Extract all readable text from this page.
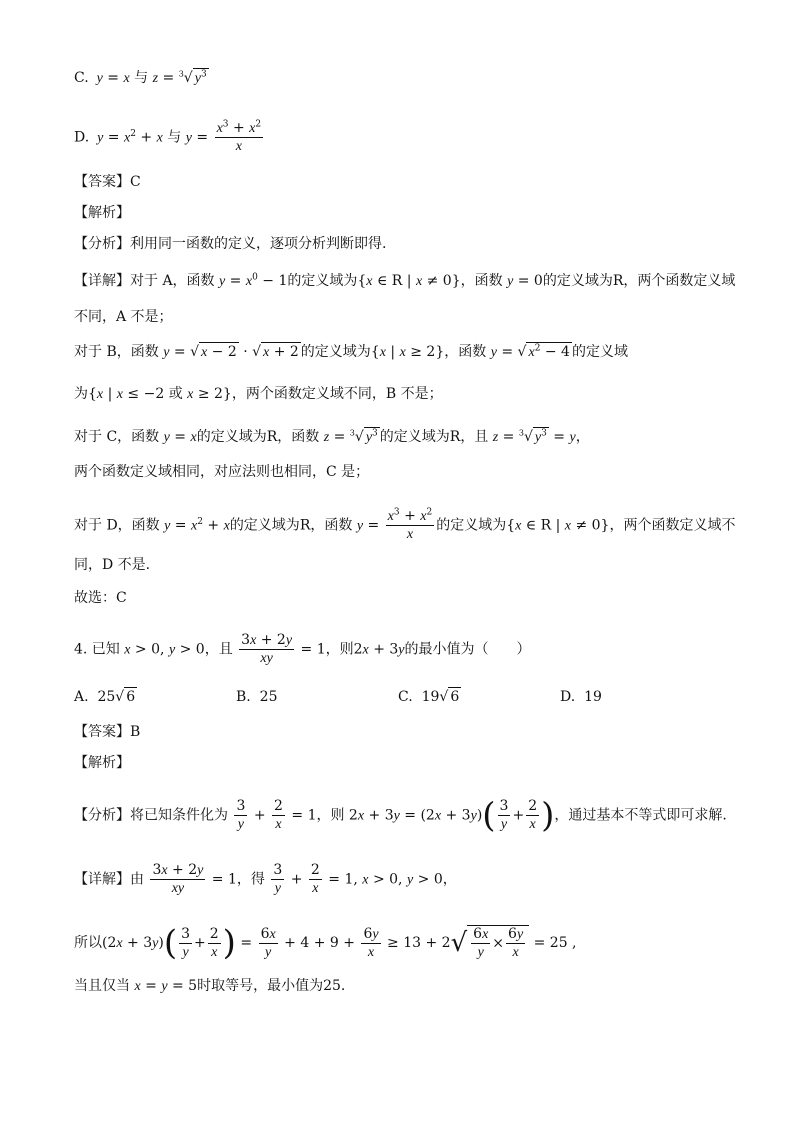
C.  y = x 与 z = $^3$√ $y^3$
D.  $y = x^2 + x$ 与 $y = \frac{x^3 + x^2}{x}$
【答案】C
【解析】
【分析】利用同一函数的定义，逐项分析判断即得.
【详解】对于 A，函数 $y = x^0 - 1$的定义域为{x ∈ R | x ≠ 0}，函数 y = 0的定义域为R，两个函数定义域
不同，A 不是；
对于 B，函数 y = √ x − 2 · √ x + 2 的定义域为{x | x ≥ 2}，函数 y = √ $x^2 - 4$ 的定义域
为{x | x ≤ −2 或 x ≥ 2}，两个函数定义域不同，B 不是；
对于 C，函数 y = x的定义域为R，函数 z = $^3$√ $y^3$ 的定义域为R，且 z = $^3$√ $y^3 = y$，
两个函数定义域相同，对应法则也相同，C 是；
对于 D，函数 $y = x^2 + x$的定义域为R，函数 $y = \frac{x^3 + x^2}{x}$ 的定义域为{x ∈ R | x ≠ 0}，两个函数定义域不
同，D 不是.
故选：C
4. 已知 x > 0, y > 0，且 $\frac{3x + 2y}{xy} = 1$，则2x + 3y的最小值为（　　）
A.  25√ 6	B. 25	C.  19√ 6	D. 19
【答案】B
【解析】
【分析】将已知条件化为 $\frac{3}{y} + \frac{2}{x} = 1$，则 $2x + 3y = (2x + 3y)( \frac{3}{y} + \frac{2}{x}$ )，通过基本不等式即可求解.
【详解】由 $\frac{3x + 2y}{xy} = 1$，得 $\frac{3}{y} + \frac{2}{x} = 1$, x > 0, y > 0，
所以$(2x + 3y)( \frac{3}{y} + \frac{2}{x}$ ) = $\frac{6x}{y} + 4 + 9 + \frac{6y}{x} \ge 13 + 2√ \frac{6x}{y} \times \frac{6y}{x} = 25$ ,
当且仅当 x = y = 5时取等号，最小值为25.
